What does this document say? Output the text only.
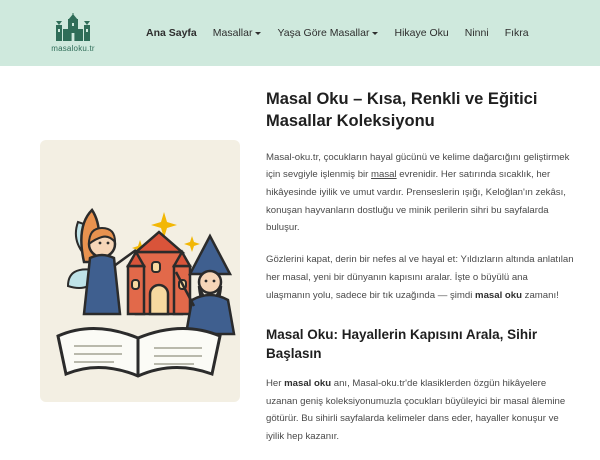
masaloku.tr
Ana Sayfa Masallar Yaşa Göre Masallar Hikaye Oku Ninni Fıkra
Masal Oku – Kısa, Renkli ve Eğitici Masallar Koleksiyonu

Masal-oku.tr, çocukların hayal gücünü ve kelime dağarcığını geliştirmek için sevgiyle işlenmiş bir masal evrenidir. Her satırında sıcaklık, her hikâyesinde iyilik ve umut vardır. Prenseslerin ışığı, Keloğlan'ın zekâsı, konuşan hayvanların dostluğu ve minik perilerin sihri bu sayfalarda buluşur.

Gözlerini kapat, derin bir nefes al ve hayal et: Yıldızların altında anlatılan her masal, yeni bir dünyanın kapısını aralar. İşte o büyülü ana ulaşmanın yolu, sadece bir tık uzağında — şimdi masal oku zamanı!

Masal Oku: Hayallerin Kapısını Arala, Sihir Başlasın

Her masal oku anı, Masal-oku.tr'de klasiklerden özgün hikâyelere uzanan geniş koleksiyonumuzla çocukları büyüleyici bir masal âlemine götürür. Bu sihirli sayfalarda kelimeler dans eder, hayaller konuşur ve iyilik hep kazanır.
